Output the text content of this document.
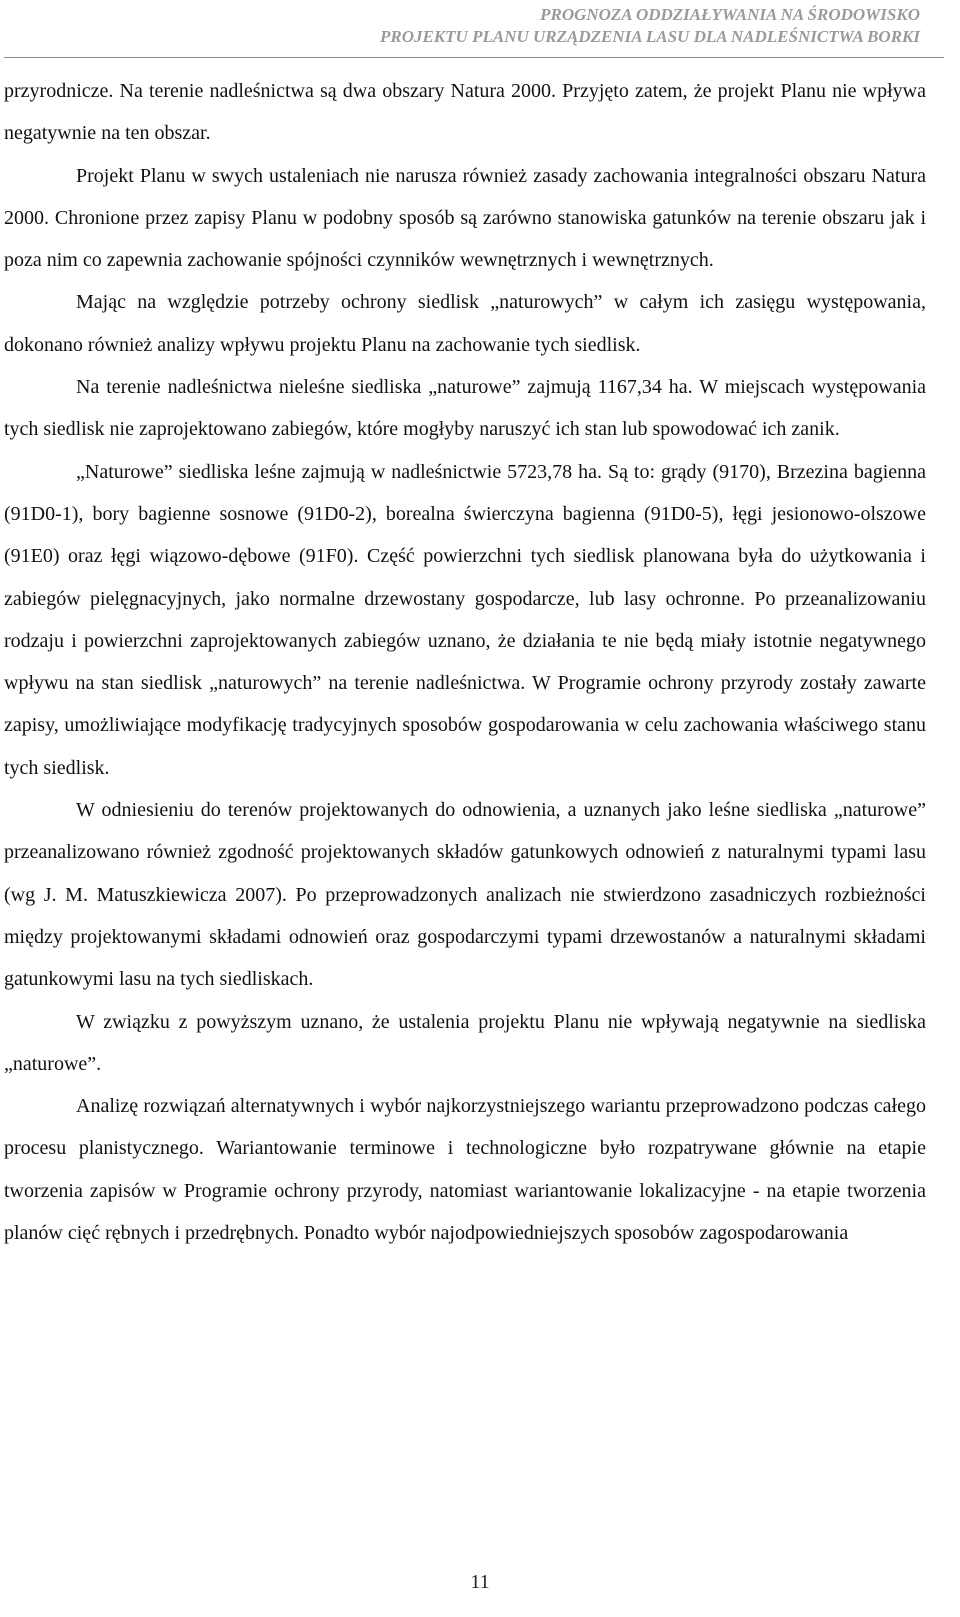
PROGNOZA ODDZIAŁYWANIA NA ŚRODOWISKO
PROJEKTU PLANU URZĄDZENIA LASU DLA NADLEŚNICTWA BORKI

przyrodnicze. Na terenie nadleśnictwa są dwa obszary Natura 2000. Przyjęto zatem, że projekt Planu nie wpływa negatywnie na ten obszar.

Projekt Planu w swych ustaleniach nie narusza również zasady zachowania integralności obszaru Natura 2000. Chronione przez zapisy Planu w podobny sposób są zarówno stanowiska gatunków na terenie obszaru jak i poza nim co zapewnia zachowanie spójności czynników wewnętrznych i wewnętrznych.

Mając na względzie potrzeby ochrony siedlisk „naturowych” w całym ich zasięgu występowania, dokonano również analizy wpływu projektu Planu na zachowanie tych siedlisk.

Na terenie nadleśnictwa nieleśne siedliska „naturowe” zajmują 1167,34 ha. W miejscach występowania tych siedlisk nie zaprojektowano zabiegów, które mogłyby naruszyć ich stan lub spowodować ich zanik.

„Naturowe” siedliska leśne zajmują w nadleśnictwie 5723,78 ha. Są to: grądy (9170), Brzezina bagienna (91D0-1), bory bagienne sosnowe (91D0-2), borealna świerczyna bagienna (91D0-5), łęgi jesionowo-olszowe (91E0) oraz łęgi wiązowo-dębowe (91F0). Część powierzchni tych siedlisk planowana była do użytkowania i zabiegów pielęgnacyjnych, jako normalne drzewostany gospodarcze, lub lasy ochronne. Po przeanalizowaniu rodzaju i powierzchni zaprojektowanych zabiegów uznano, że działania te nie będą miały istotnie negatywnego wpływu na stan siedlisk „naturowych” na terenie nadleśnictwa. W Programie ochrony przyrody zostały zawarte zapisy, umożliwiające modyfikację tradycyjnych sposobów gospodarowania w celu zachowania właściwego stanu tych siedlisk.

W odniesieniu do terenów projektowanych do odnowienia, a uznanych jako leśne siedliska „naturowe” przeanalizowano również zgodność projektowanych składów gatunkowych odnowień z naturalnymi typami lasu (wg J. M. Matuszkiewicza 2007). Po przeprowadzonych analizach nie stwierdzono zasadniczych rozbieżności między projektowanymi składami odnowień oraz gospodarczymi typami drzewostanów a naturalnymi składami gatunkowymi lasu na tych siedliskach.

W związku z powyższym uznano, że ustalenia projektu Planu nie wpływają negatywnie na siedliska „naturowe”.

Analizę rozwiązań alternatywnych i wybór najkorzystniejszego wariantu przeprowadzono podczas całego procesu planistycznego. Wariantowanie terminowe i technologiczne było rozpatrywane głównie na etapie tworzenia zapisów w Programie ochrony przyrody, natomiast wariantowanie lokalizacyjne - na etapie tworzenia planów cięć rębnych i przedrębnych. Ponadto wybór najodpowiedniejszych sposobów zagospodarowania

11
